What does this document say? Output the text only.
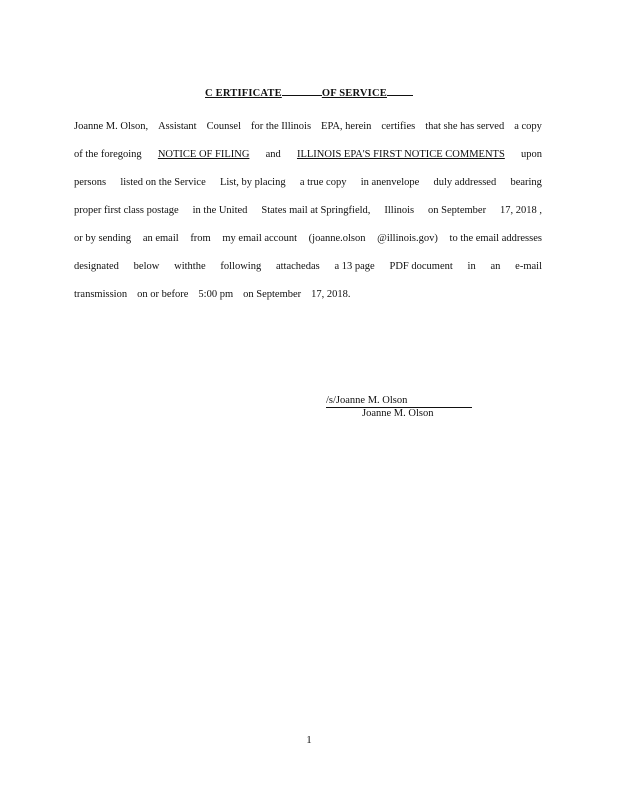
C ERTIFICATE	OF SERVICE
Joanne M. Olson, Assistant Counsel for the Illinois EPA, herein certifies that she has served a copy
of the foregoing NOTICE OF FILING and ILLINOIS EPA'S FIRST NOTICE COMMENTS upon
persons listed on the Service List, by placing a true copy in anenvelope duly addressed bearing
proper first class postage in the United States mail at Springfield, Illinois on September 17, 2018 ,
or by sending an email from my email account (joanne.olson @illinois.gov) to the email addresses
designated below withthe following attachedas a 13 page PDF document in an e-mail
transmission on or before 5:00 pm on September 17, 2018.
/s/Joanne M. Olson
Joanne M. Olson
1
